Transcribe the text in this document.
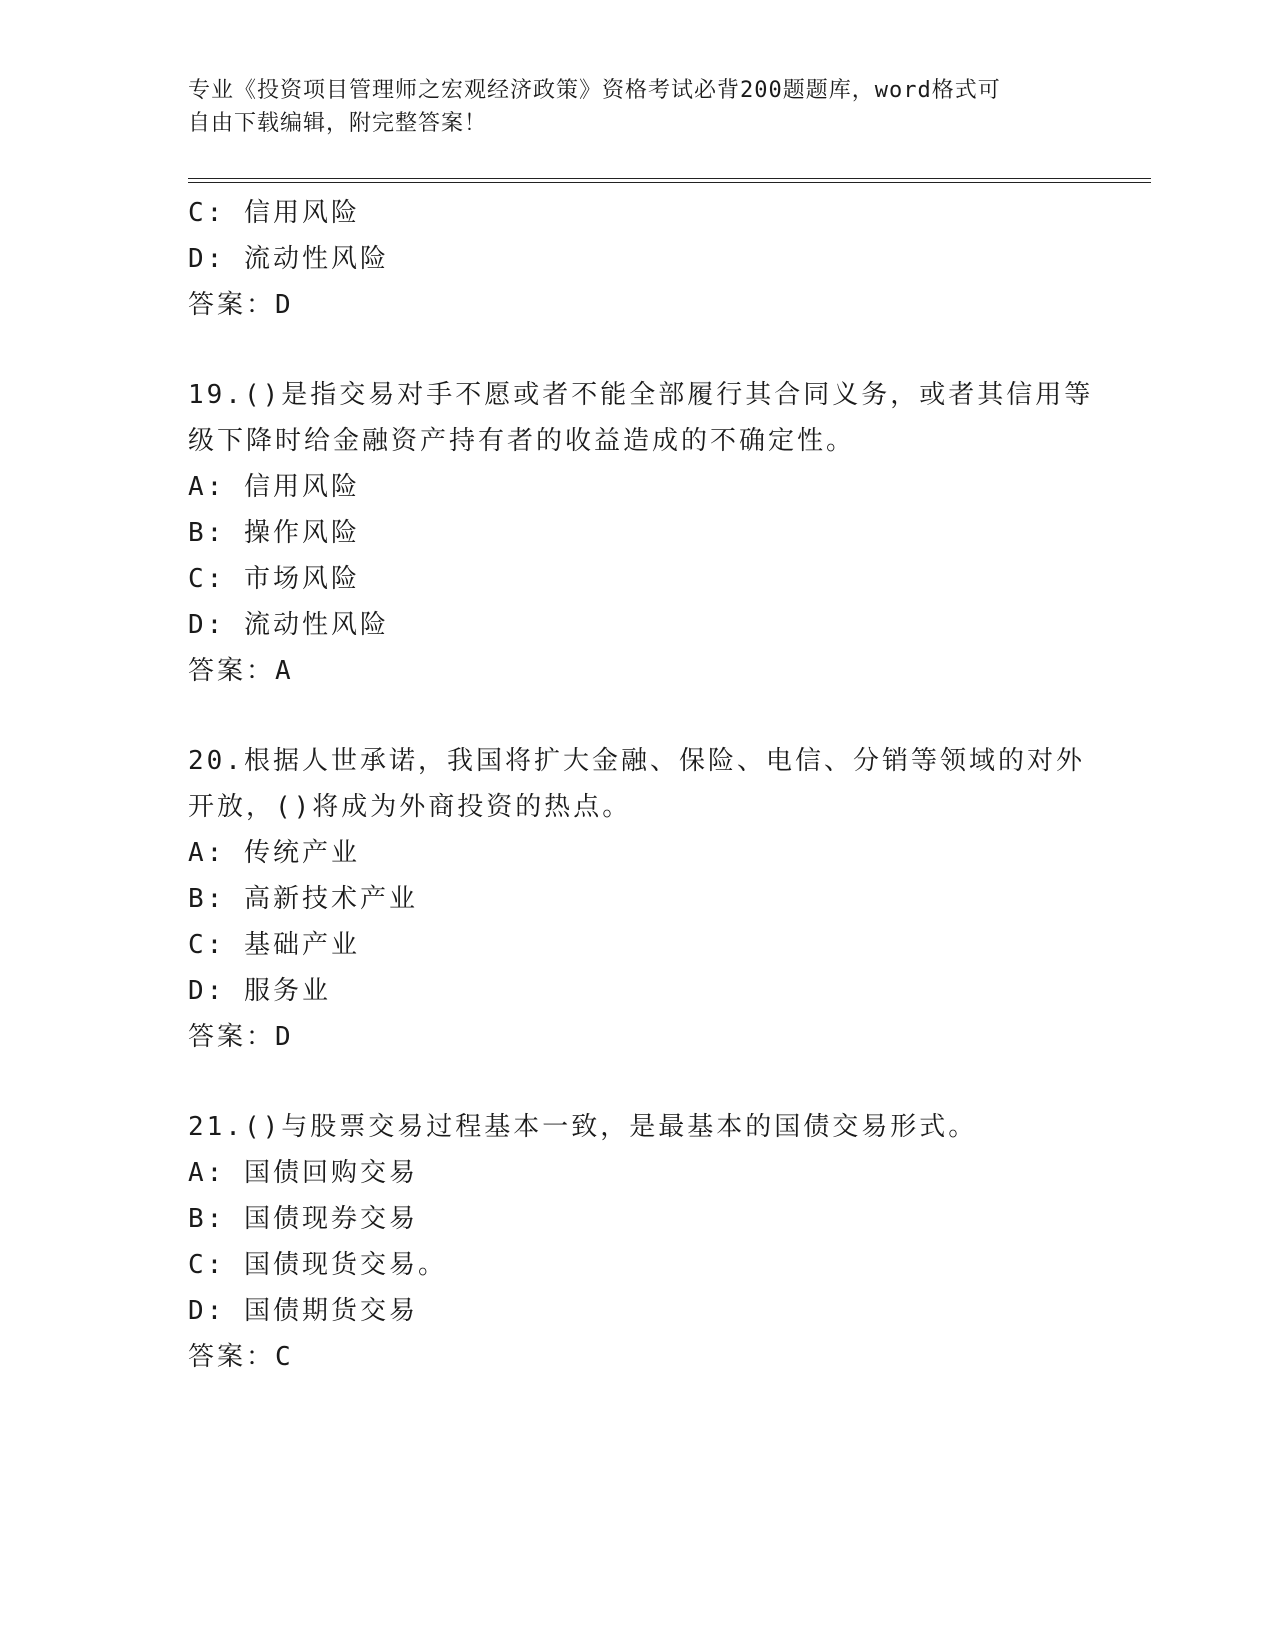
专业《投资项目管理师之宏观经济政策》资格考试必背200题题库，word格式可
自由下载编辑，附完整答案！
C: 信用风险
D: 流动性风险
答案：D
19.()是指交易对手不愿或者不能全部履行其合同义务，或者其信用等
级下降时给金融资产持有者的收益造成的不确定性。
A: 信用风险
B: 操作风险
C: 市场风险
D: 流动性风险
答案：A
20.根据人世承诺，我国将扩大金融、保险、电信、分销等领域的对外
开放，()将成为外商投资的热点。
A: 传统产业
B: 高新技术产业
C: 基础产业
D: 服务业
答案：D
21.()与股票交易过程基本一致，是最基本的国债交易形式。
A: 国债回购交易
B: 国债现券交易
C: 国债现货交易。
D: 国债期货交易
答案：C
